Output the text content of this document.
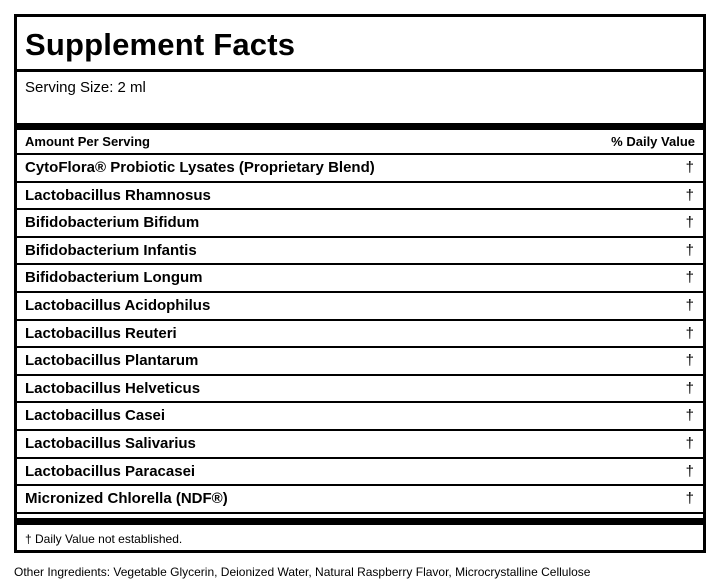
Supplement Facts
Serving Size: 2 ml
Amount Per Serving	% Daily Value
CytoFlora® Probiotic Lysates (Proprietary Blend)	†
Lactobacillus Rhamnosus	†
Bifidobacterium Bifidum	†
Bifidobacterium Infantis	†
Bifidobacterium Longum	†
Lactobacillus Acidophilus	†
Lactobacillus Reuteri	†
Lactobacillus Plantarum	†
Lactobacillus Helveticus	†
Lactobacillus Casei	†
Lactobacillus Salivarius	†
Lactobacillus Paracasei	†
Micronized Chlorella (NDF®)	†
† Daily Value not established.
Other Ingredients: Vegetable Glycerin, Deionized Water, Natural Raspberry Flavor, Microcrystalline Cellulose
